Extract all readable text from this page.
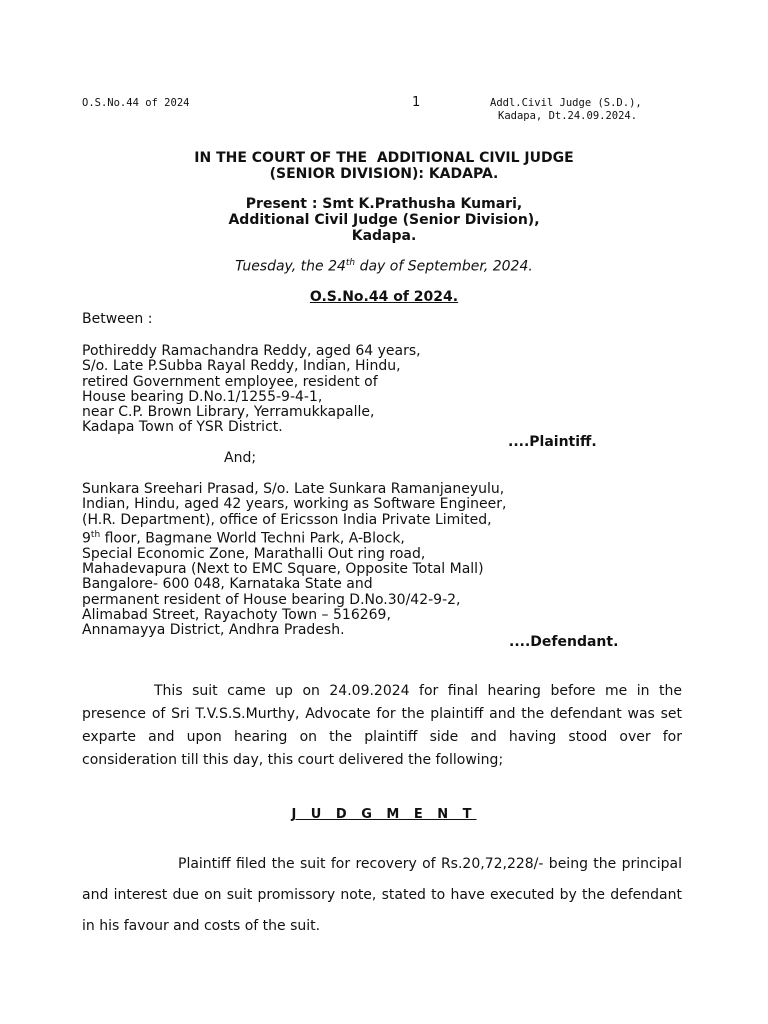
O.S.No.44 of 2024	1	Addl.Civil Judge (S.D.),
Kadapa, Dt.24.09.2024.
IN THE COURT OF THE  ADDITIONAL CIVIL JUDGE
(SENIOR DIVISION): KADAPA.
Present : Smt K.Prathusha Kumari,
Additional Civil Judge (Senior Division),
Kadapa.
Tuesday, the 24th day of September, 2024.
O.S.No.44 of 2024.
Between :
Pothireddy Ramachandra Reddy, aged 64 years,
S/o. Late P.Subba Rayal Reddy, Indian, Hindu,
retired Government employee, resident of
House bearing D.No.1/1255-9-4-1,
near C.P. Brown Library, Yerramukkapalle,
Kadapa Town of YSR District.
....Plaintiff.
And;
Sunkara Sreehari Prasad, S/o. Late Sunkara Ramanjaneyulu,
Indian, Hindu, aged 42 years, working as Software Engineer,
(H.R. Department), office of Ericsson India Private Limited,
9th floor, Bagmane World Techni Park, A-Block,
Special Economic Zone, Marathalli Out ring road,
Mahadevapura (Next to EMC Square, Opposite Total Mall)
Bangalore- 600 048, Karnataka State and
permanent resident of House bearing D.No.30/42-9-2,
Alimabad Street, Rayachoty Town – 516269,
Annamayya District, Andhra Pradesh.
....Defendant.
This suit came up on 24.09.2024 for final hearing before me in the presence of Sri T.V.S.S.Murthy, Advocate for the plaintiff and the defendant was set exparte and upon hearing on the plaintiff side and having stood over for consideration till this day, this court delivered the following;
J U D G M E N T
Plaintiff filed the suit for recovery of Rs.20,72,228/- being the principal and interest due on suit promissory note, stated to have executed by the defendant in his favour and costs of the suit.
